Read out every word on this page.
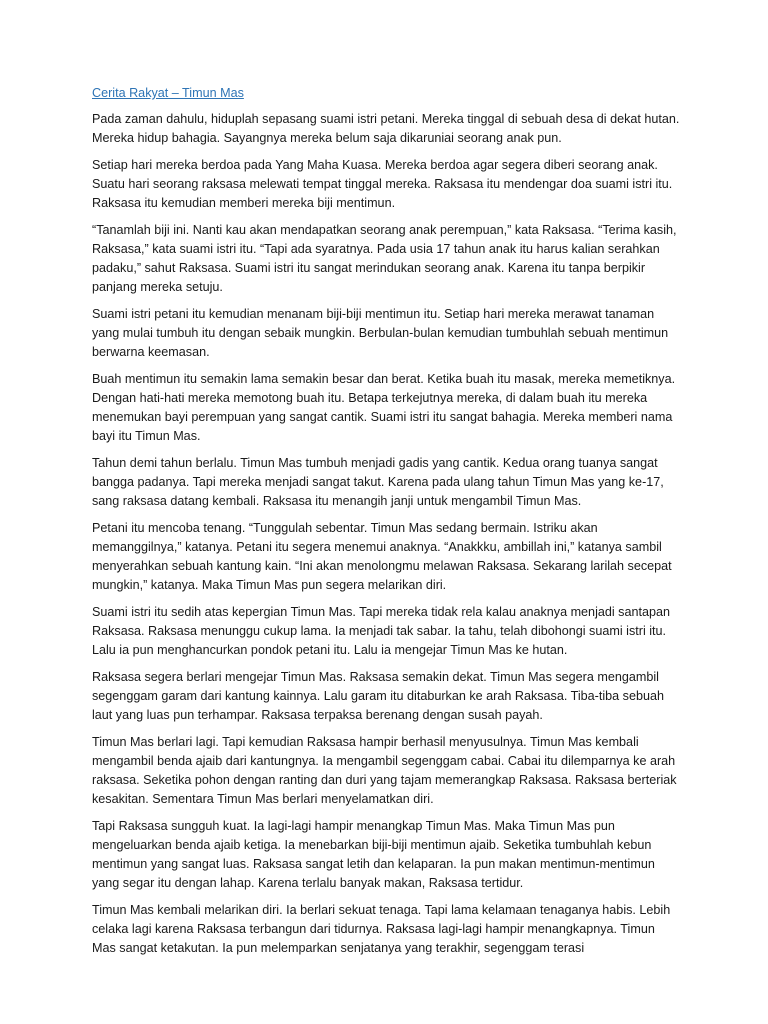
Cerita Rakyat – Timun Mas

Pada zaman dahulu, hiduplah sepasang suami istri petani. Mereka tinggal di sebuah desa di dekat hutan. Mereka hidup bahagia. Sayangnya mereka belum saja dikaruniai seorang anak pun.

Setiap hari mereka berdoa pada Yang Maha Kuasa. Mereka berdoa agar segera diberi seorang anak. Suatu hari seorang raksasa melewati tempat tinggal mereka. Raksasa itu mendengar doa suami istri itu. Raksasa itu kemudian memberi mereka biji mentimun.

“Tanamlah biji ini. Nanti kau akan mendapatkan seorang anak perempuan,” kata Raksasa. “Terima kasih, Raksasa,” kata suami istri itu. “Tapi ada syaratnya. Pada usia 17 tahun anak itu harus kalian serahkan padaku,” sahut Raksasa. Suami istri itu sangat merindukan seorang anak. Karena itu tanpa berpikir panjang mereka setuju.

Suami istri petani itu kemudian menanam biji-biji mentimun itu. Setiap hari mereka merawat tanaman yang mulai tumbuh itu dengan sebaik mungkin. Berbulan-bulan kemudian tumbuhlah sebuah mentimun berwarna keemasan.

Buah mentimun itu semakin lama semakin besar dan berat. Ketika buah itu masak, mereka memetiknya. Dengan hati-hati mereka memotong buah itu. Betapa terkejutnya mereka, di dalam buah itu mereka menemukan bayi perempuan yang sangat cantik. Suami istri itu sangat bahagia. Mereka memberi nama bayi itu Timun Mas.

Tahun demi tahun berlalu. Timun Mas tumbuh menjadi gadis yang cantik. Kedua orang tuanya sangat bangga padanya. Tapi mereka menjadi sangat takut. Karena pada ulang tahun Timun Mas yang ke-17, sang raksasa datang kembali. Raksasa itu menangih janji untuk mengambil Timun Mas.

Petani itu mencoba tenang. “Tunggulah sebentar. Timun Mas sedang bermain. Istriku akan memanggilnya,” katanya. Petani itu segera menemui anaknya. “Anakkku, ambillah ini,” katanya sambil menyerahkan sebuah kantung kain. “Ini akan menolongmu melawan Raksasa. Sekarang larilah secepat mungkin,” katanya. Maka Timun Mas pun segera melarikan diri.

Suami istri itu sedih atas kepergian Timun Mas. Tapi mereka tidak rela kalau anaknya menjadi santapan Raksasa. Raksasa menunggu cukup lama. Ia menjadi tak sabar. Ia tahu, telah dibohongi suami istri itu. Lalu ia pun menghancurkan pondok petani itu. Lalu ia mengejar Timun Mas ke hutan.

Raksasa segera berlari mengejar Timun Mas. Raksasa semakin dekat. Timun Mas segera mengambil segenggam garam dari kantung kainnya. Lalu garam itu ditaburkan ke arah Raksasa. Tiba-tiba sebuah laut yang luas pun terhampar. Raksasa terpaksa berenang dengan susah payah.

Timun Mas berlari lagi. Tapi kemudian Raksasa hampir berhasil menyusulnya. Timun Mas kembali mengambil benda ajaib dari kantungnya. Ia mengambil segenggam cabai. Cabai itu dilemparnya ke arah raksasa. Seketika pohon dengan ranting dan duri yang tajam memerangkap Raksasa. Raksasa berteriak kesakitan. Sementara Timun Mas berlari menyelamatkan diri.

Tapi Raksasa sungguh kuat. Ia lagi-lagi hampir menangkap Timun Mas. Maka Timun Mas pun mengeluarkan benda ajaib ketiga. Ia menebarkan biji-biji mentimun ajaib. Seketika tumbuhlah kebun mentimun yang sangat luas. Raksasa sangat letih dan kelaparan. Ia pun makan mentimun-mentimun yang segar itu dengan lahap. Karena terlalu banyak makan, Raksasa tertidur.

Timun Mas kembali melarikan diri. Ia berlari sekuat tenaga. Tapi lama kelamaan tenaganya habis. Lebih celaka lagi karena Raksasa terbangun dari tidurnya. Raksasa lagi-lagi hampir menangkapnya. Timun Mas sangat ketakutan. Ia pun melemparkan senjatanya yang terakhir, segenggam terasi
